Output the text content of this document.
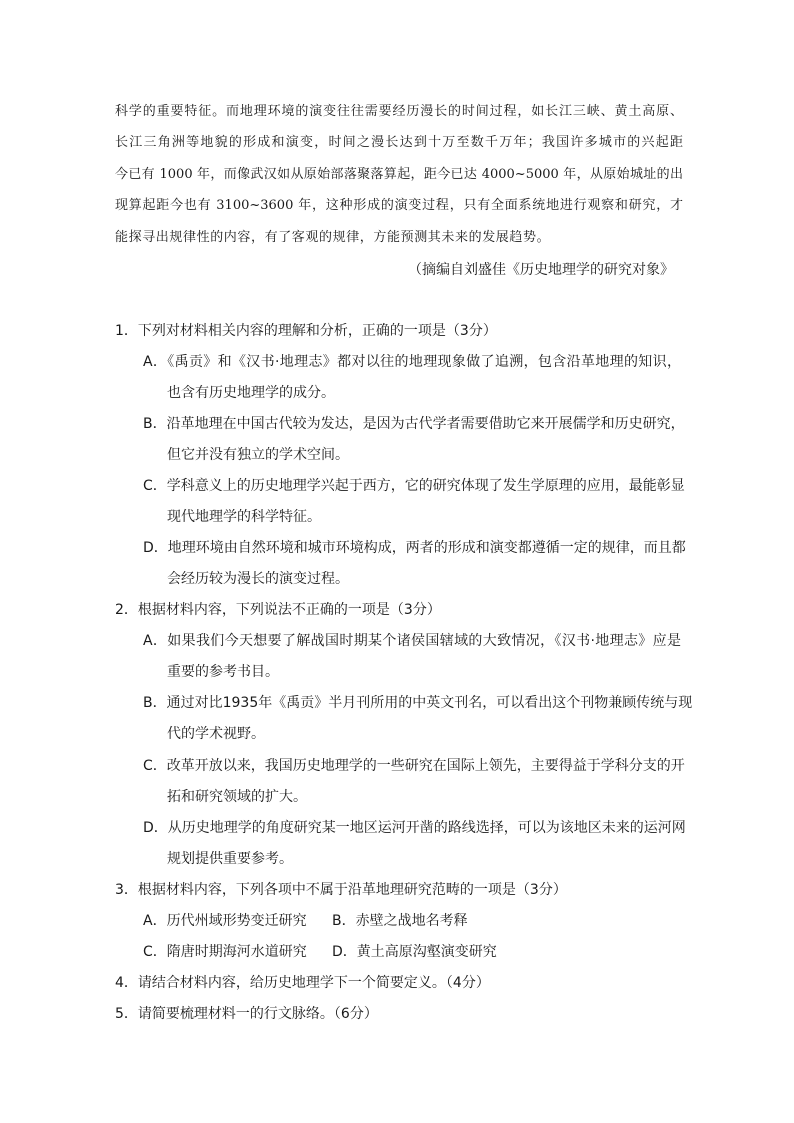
科学的重要特征。而地理环境的演变往往需要经历漫长的时间过程，如长江三峡、黄土高原、
长江三角洲等地貌的形成和演变，时间之漫长达到十万至数千万年；我国许多城市的兴起距
今已有 1000 年，而像武汉如从原始部落聚落算起，距今已达 4000~5000 年，从原始城址的出
现算起距今也有 3100~3600 年，这种形成的演变过程，只有全面系统地进行观察和研究，才
能探寻出规律性的内容，有了客观的规律，方能预测其未来的发展趋势。
（摘编自刘盛佳《历史地理学的研究对象》
1．下列对材料相关内容的理解和分析，正确的一项是（3分）
A．《禹贡》和《汉书·地理志》都对以往的地理现象做了追溯，包含沿革地理的知识，
也含有历史地理学的成分。
B．沿革地理在中国古代较为发达，是因为古代学者需要借助它来开展儒学和历史研究，
但它并没有独立的学术空间。
C．学科意义上的历史地理学兴起于西方，它的研究体现了发生学原理的应用，最能彰显
现代地理学的科学特征。
D．地理环境由自然环境和城市环境构成，两者的形成和演变都遵循一定的规律，而且都
会经历较为漫长的演变过程。
2．根据材料内容，下列说法不正确的一项是（3分）
A．如果我们今天想要了解战国时期某个诸侯国辖域的大致情况，《汉书·地理志》应是
重要的参考书目。
B．通过对比1935年《禹贡》半月刊所用的中英文刊名，可以看出这个刊物兼顾传统与现
代的学术视野。
C．改革开放以来，我国历史地理学的一些研究在国际上领先，主要得益于学科分支的开
拓和研究领域的扩大。
D．从历史地理学的角度研究某一地区运河开凿的路线选择，可以为该地区未来的运河网
规划提供重要参考。
3．根据材料内容，下列各项中不属于沿革地理研究范畴的一项是（3分）
A．历代州域形势变迁研究 B．赤壁之战地名考释
C．隋唐时期海河水道研究 D．黄土高原沟壑演变研究
4．请结合材料内容，给历史地理学下一个简要定义。（4分）
5．请简要梳理材料一的行文脉络。（6分）
